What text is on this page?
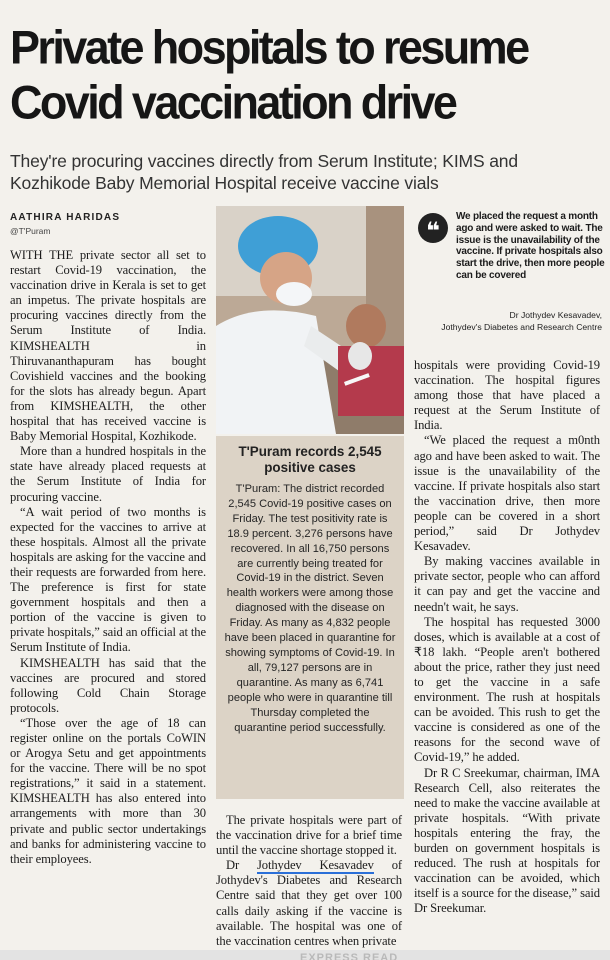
Private hospitals to resume
Covid vaccination drive
They're procuring vaccines directly from Serum Institute; KIMS and Kozhikode Baby Memorial Hospital receive vaccine vials
AATHIRA HARIDAS
@T'Puram

WITH THE private sector all set to restart Covid-19 vaccination, the vaccination drive in Kerala is set to get an impetus. The private hospitals are procuring vaccines directly from the Serum Institute of India. KIMSHEALTH in Thiruvananthapuram has bought Covishield vaccines and the booking for the slots has already begun. Apart from KIMSHEALTH, the other hospital that has received vaccine is Baby Memorial Hospital, Kozhikode.

More than a hundred hospitals in the state have already placed requests at the Serum Institute of India for procuring vaccine.

“A wait period of two months is expected for the vaccines to arrive at these hospitals. Almost all the private hospitals are asking for the vaccine and their requests are forwarded from here. The preference is first for state government hospitals and then a portion of the vaccine is given to private hospitals,” said an official at the Serum Institute of India.

KIMSHEALTH has said that the vaccines are procured and stored following Cold Chain Storage protocols.

“Those over the age of 18 can register online on the portals CoWIN or Arogya Setu and get appointments for the vaccine. There will be no spot registrations,” it said in a statement. KIMSHEALTH has also entered into arrangements with more than 30 private and public sector undertakings and banks for administering vaccine to their employees.

T'Puram records 2,545 positive cases
T'Puram: The district recorded 2,545 Covid-19 positive cases on Friday. The test positivity rate is 18.9 percent. 3,276 persons have recovered. In all 16,750 persons are currently being treated for Covid-19 in the district. Seven health workers were among those diagnosed with the disease on Friday. As many as 4,832 people have been placed in quarantine for showing symptoms of Covid-19. In all, 79,127 persons are in quarantine. As many as 6,741 people who were in quarantine till Thursday completed the quarantine period successfully.

The private hospitals were part of the vaccination drive for a brief time until the vaccine shortage stopped it.

Dr Jothydev Kesavadev of Jothydev's Diabetes and Research Centre said that they get over 100 calls daily asking if the vaccine is available. The hospital was one of the vaccination centres when private

❝
We placed the request a month ago and were asked to wait. The issue is the unavailability of the vaccine. If private hospitals also start the drive, then more people can be covered
Dr Jothydev Kesavadev,
Jothydev's Diabetes and Research Centre

hospitals were providing Covid-19 vaccination. The hospital figures among those that have placed a request at the Serum Institute of India.

“We placed the request a m0nth ago and have been asked to wait. The issue is the unavailability of the vaccine. If private hospitals also start the vaccination drive, then more people can be covered in a short period,” said Dr Jothydev Kesavadev.

By making vaccines available in private sector, people who can afford it can pay and get the vaccine and needn't wait, he says.

The hospital has requested 3000 doses, which is available at a cost of ₹18 lakh. “People aren't bothered about the price, rather they just need to get the vaccine in a safe environment. The rush at hospitals can be avoided. This rush to get the vaccine is considered as one of the reasons for the second wave of Covid-19,” he added.

Dr R C Sreekumar, chairman, IMA Research Cell, also reiterates the need to make the vaccine available at private hospitals. “With private hospitals entering the fray, the burden on government hospitals is reduced. The rush at hospitals for vaccination can be avoided, which itself is a source for the disease,” said Dr Sreekumar.

EXPRESS READ
